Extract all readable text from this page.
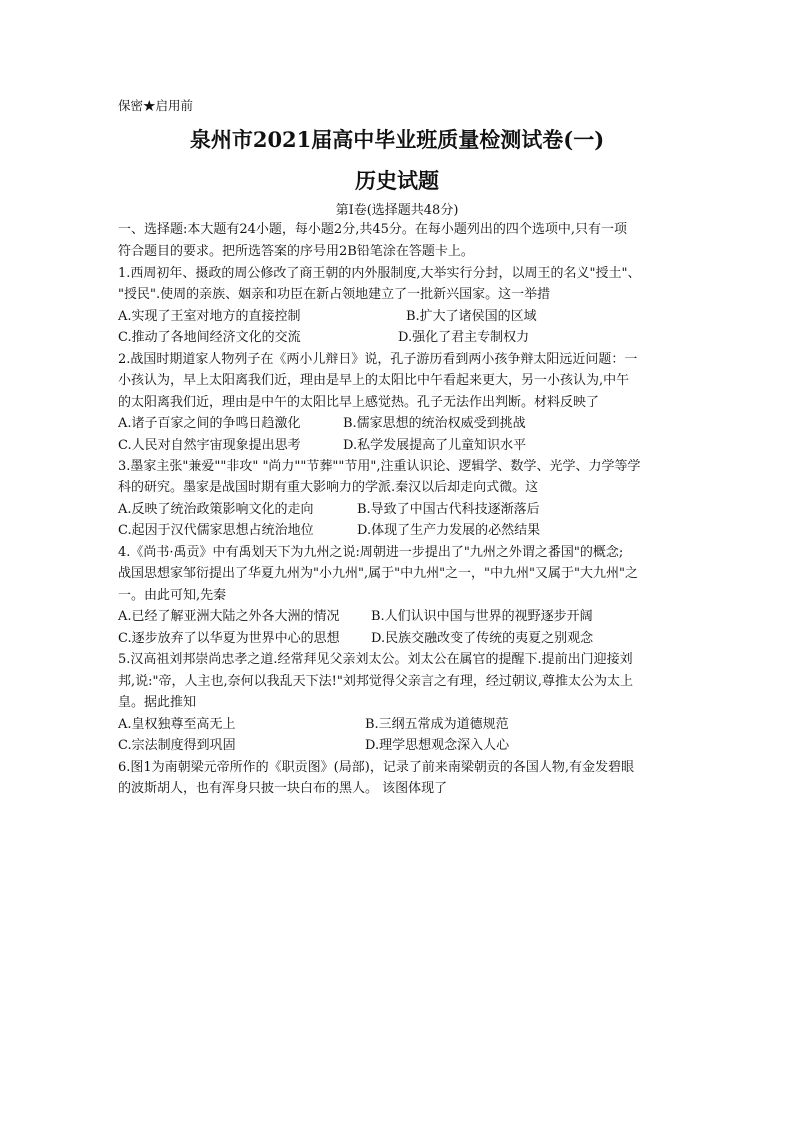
保密★启用前
泉州市2021届高中毕业班质量检测试卷(一)
历史试题
第I卷(选择题共48分)
一、选择题:本大题有24小题，每小题2分,共45分。在每小题列出的四个选项中,只有一项
符合题目的要求。把所选答案的序号用2B铅笔涂在答题卡上。
1.西周初年、摄政的周公修改了商王朝的内外服制度,大举实行分封，以周王的名义"授土"、
"授民".使周的亲族、姻亲和功臣在新占领地建立了一批新兴国家。这一举措
A.实现了王室对地方的直接控制	B.扩大了诸侯国的区域
C.推动了各地间经济文化的交流	D.强化了君主专制权力
2.战国时期道家人物列子在《两小儿辩日》说，孔子游历看到两小孩争辩太阳远近问题：一
小孩认为，早上太阳离我们近，理由是早上的太阳比中午看起来更大，另一小孩认为,中午
的太阳离我们近，理由是中午的太阳比早上感觉热。孔子无法作出判断。材料反映了
A.诸子百家之间的争鸣日趋激化	B.儒家思想的统治权威受到挑战
C.人民对自然宇宙现象提出思考	D.私学发展提高了儿童知识水平
3.墨家主张"兼爱""非攻" "尚力""节葬""节用",注重认识论、逻辑学、数学、光学、力学等学
科的研究。墨家是战国时期有重大影响力的学派.秦汉以后却走向式微。这
A.反映了统治政策影响文化的走向	B.导致了中国古代科技逐渐落后
C.起因于汉代儒家思想占统治地位	D.体现了生产力发展的必然结果
4.《尚书·禹贡》中有禹划天下为九州之说:周朝进一步提出了"九州之外谓之番国"的概念;
战国思想家邹衍提出了华夏九州为"小九州",属于"中九州"之一，"中九州"又属于"大九州"之
一。由此可知,先秦
A.已经了解亚洲大陆之外各大洲的情况 B.人们认识中国与世界的视野逐步开阔
C.逐步放弃了以华夏为世界中心的思想 D.民族交融改变了传统的夷夏之别观念
5.汉高祖刘邦崇尚忠孝之道.经常拜见父亲刘太公。刘太公在属官的提醒下.提前出门迎接刘
邦,说:"帝，人主也,奈何以我乱天下法!"刘邦觉得父亲言之有理，经过朝议,尊推太公为太上
皇。据此推知
A.皇权独尊至高无上	B.三纲五常成为道德规范
C.宗法制度得到巩固	D.理学思想观念深入人心
6.图1为南朝梁元帝所作的《职贡图》(局部)，记录了前来南梁朝贡的各国人物,有金发碧眼
的波斯胡人，也有浑身只披一块白布的黑人。 该图体现了
